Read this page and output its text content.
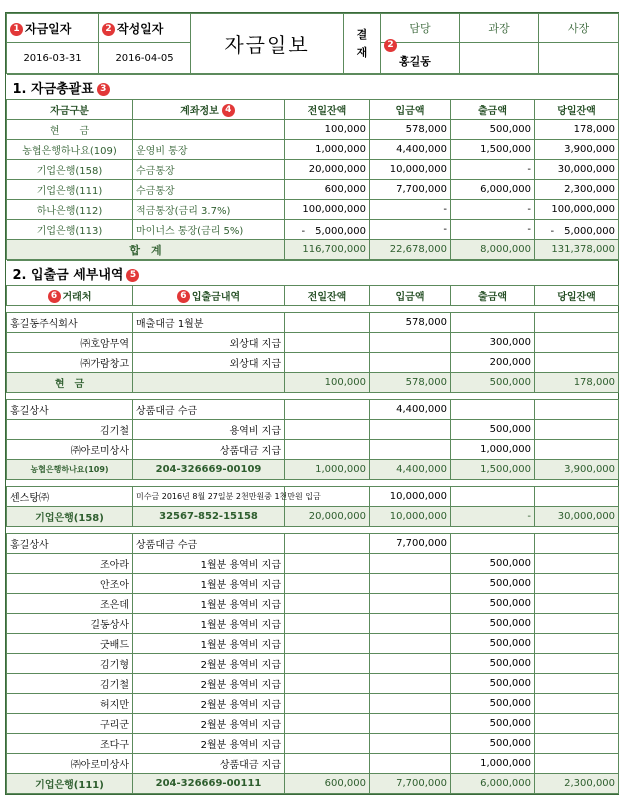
1 자금일자	2 작성일자	자금일보	결 재	담당	과장	사장
2016-03-31	2016-04-05			2홍길동		
1. 자금총괄표 3					
자금구분	계좌정보 4	전일잔액	입금액	출금액	당일잔액
현　　금		100,000	578,000	500,000	178,000
농협은행하나요(109)	운영비 통장	1,000,000	4,400,000	1,500,000	3,900,000
기업은행(158)	수금통장	20,000,000	10,000,000	-	30,000,000
기업은행(111)	수금통장	600,000	7,700,000	6,000,000	2,300,000
하나은행(112)	적금통장(금리 3.7%)	100,000,000	-	-	100,000,000
기업은행(113)	마이너스 통장(금리 5%)	-　5,000,000	-	-	-　5,000,000
합　계		116,700,000	22,678,000	8,000,000	131,378,000
2. 입출금 세부내역 5					
6 거래처	6 입출금내역	전일잔액	입금액	출금액	당일잔액

홍길동주식회사	매출대금 1월분		578,000		
㈜호암무역	외상대 지급			300,000	
㈜가람창고	외상대 지급			200,000	
현　금		100,000	578,000	500,000	178,000

홍길상사	상품대금 수금		4,400,000		
김기철	용역비 지급			500,000	
㈜아로미상사	상품대금 지급			1,000,000	
농협은행하나요(109)	204-326669-00109	1,000,000	4,400,000	1,500,000	3,900,000

센스탕㈜	미수금 2016년 8월 27일분 2천만원중 1천만원 입금		10,000,000		
기업은행(158)	32567-852-15158	20,000,000	10,000,000	-	30,000,000

홍길상사	상품대금 수금		7,700,000		
조아라	1월분 용역비 지급			500,000	
안조아	1월분 용역비 지급			500,000	
조은데	1월분 용역비 지급			500,000	
길동상사	1월분 용역비 지급			500,000	
굿배드	1월분 용역비 지급			500,000	
김기형	2월분 용역비 지급			500,000	
김기철	2월분 용역비 지급			500,000	
허지만	2월분 용역비 지급			500,000	
구리군	2월분 용역비 지급			500,000	
조다구	2월분 용역비 지급			500,000	
㈜아로미상사	상품대금 지급			1,000,000	
기업은행(111)	204-326669-00111	600,000	7,700,000	6,000,000	2,300,000
